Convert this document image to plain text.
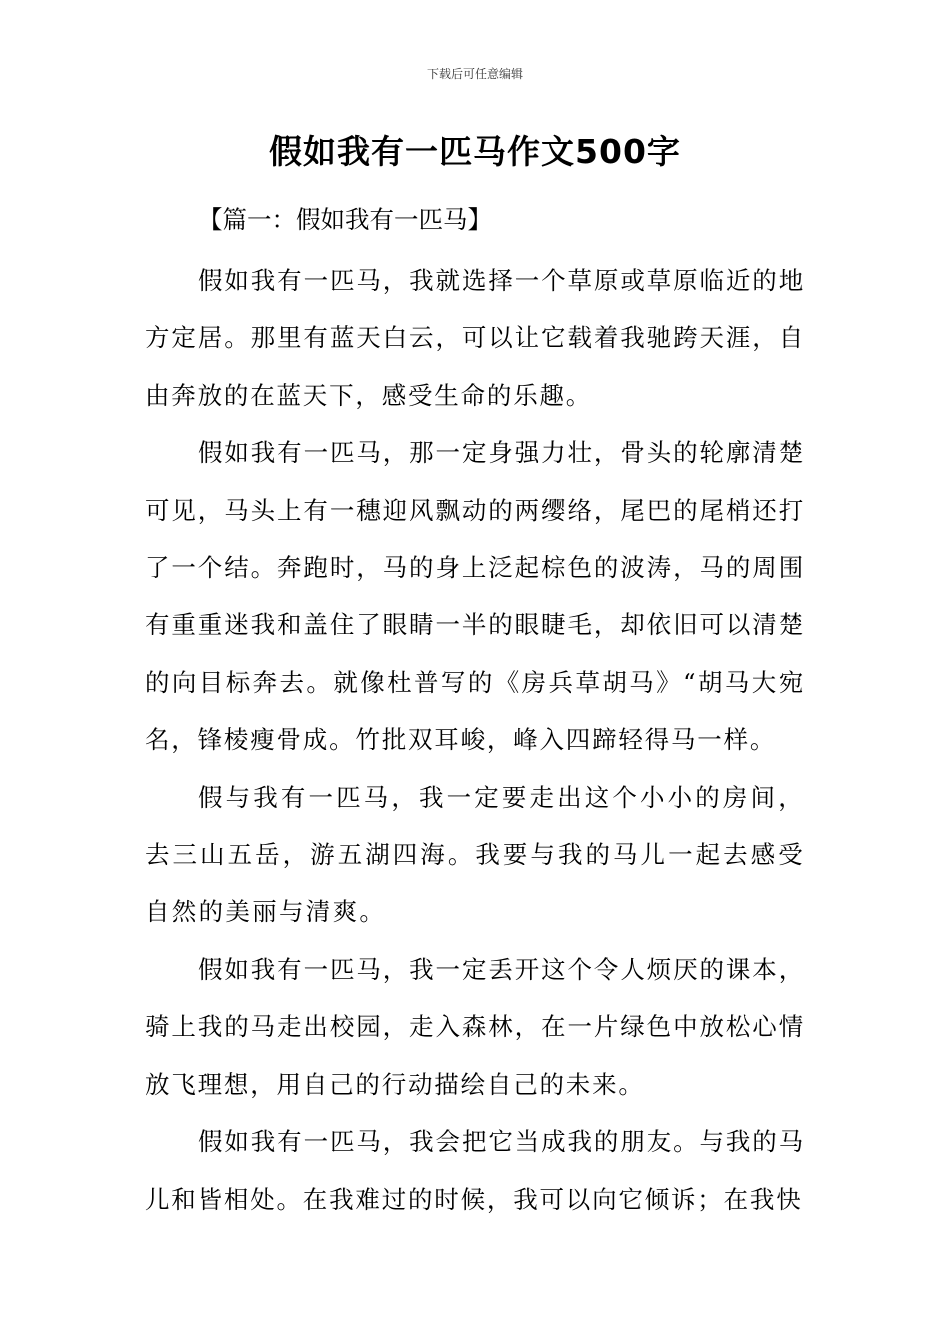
下载后可任意编辑
假如我有一匹马作文500字
【篇一：假如我有一匹马】

假如我有一匹马，我就选择一个草原或草原临近的地方定居。那里有蓝天白云，可以让它载着我驰跨天涯，自由奔放的在蓝天下，感受生命的乐趣。

假如我有一匹马，那一定身强力壮，骨头的轮廓清楚可见，马头上有一穗迎风飘动的两缨络，尾巴的尾梢还打了一个结。奔跑时，马的身上泛起棕色的波涛，马的周围有重重迷我和盖住了眼睛一半的眼睫毛，却依旧可以清楚的向目标奔去。就像杜普写的《房兵草胡马》“胡马大宛名，锋棱瘦骨成。竹批双耳峻，峰入四蹄轻得马一样。

假与我有一匹马，我一定要走出这个小小的房间，去三山五岳，游五湖四海。我要与我的马儿一起去感受自然的美丽与清爽。

假如我有一匹马，我一定丢开这个令人烦厌的课本，骑上我的马走出校园，走入森林，在一片绿色中放松心情放飞理想，用自己的行动描绘自己的未来。

假如我有一匹马，我会把它当成我的朋友。与我的马儿和皆相处。在我难过的时候，我可以向它倾诉；在我快
